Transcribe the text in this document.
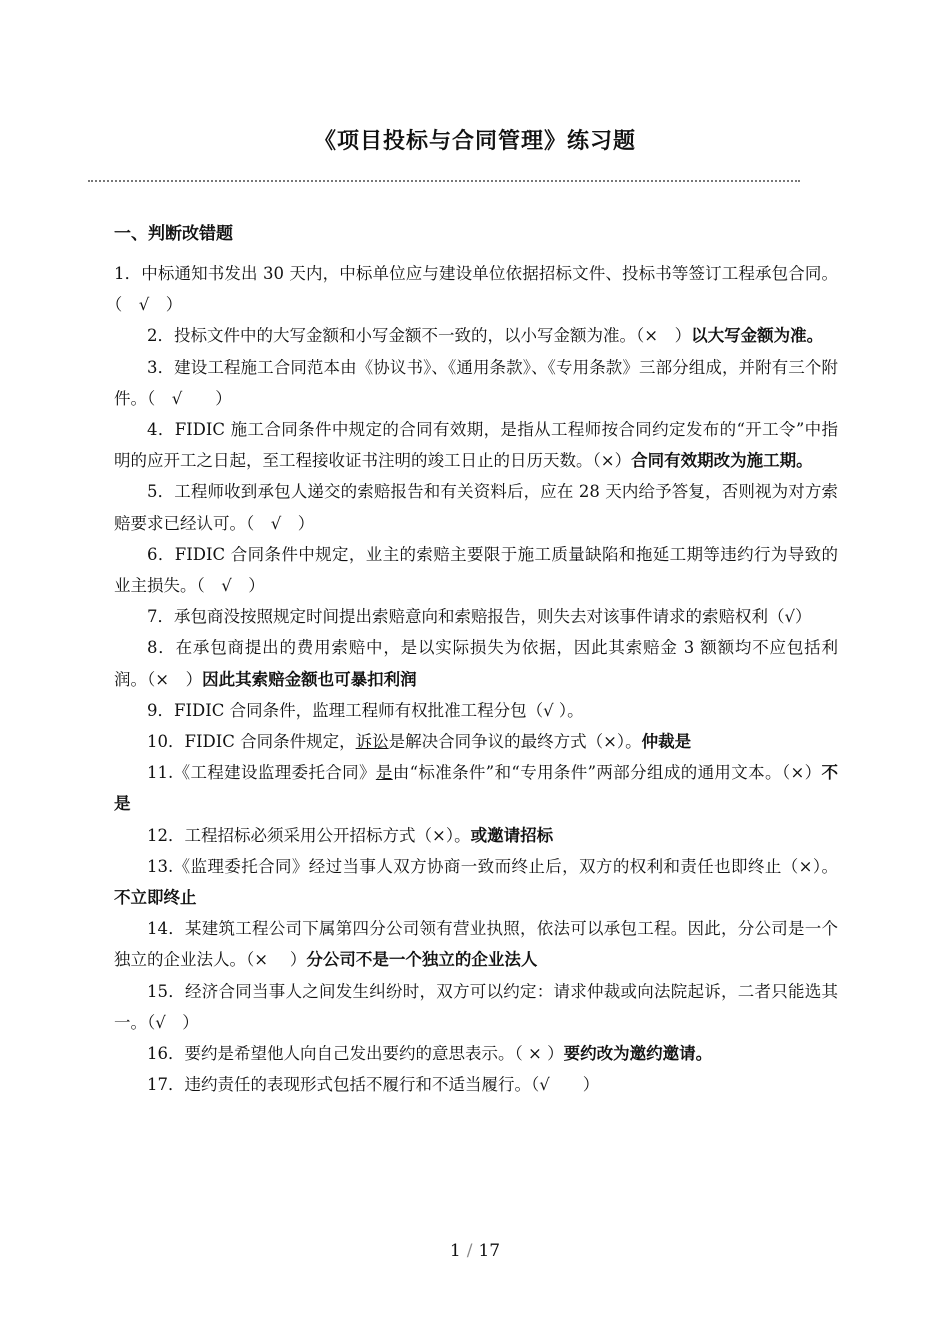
《项目投标与合同管理》练习题
一、判断改错题
1．中标通知书发出 30 天内，中标单位应与建设单位依据招标文件、投标书等签订工程承包合同。（　√　）
2．投标文件中的大写金额和小写金额不一致的，以小写金额为准。（×　）以大写金额为准。
3．建设工程施工合同范本由《协议书》、《通用条款》、《专用条款》三部分组成，并附有三个附件。（　√　　）
4．FIDIC 施工合同条件中规定的合同有效期，是指从工程师按合同约定发布的“开工令”中指明的应开工之日起，至工程接收证书注明的竣工日止的日历天数。（×）合同有效期改为施工期。
5．工程师收到承包人递交的索赔报告和有关资料后，应在 28 天内给予答复，否则视为对方索赔要求已经认可。（　√　）
6．FIDIC 合同条件中规定，业主的索赔主要限于施工质量缺陷和拖延工期等违约行为导致的业主损失。（　√　）
7．承包商没按照规定时间提出索赔意向和索赔报告，则失去对该事件请求的索赔权利（√）
8．在承包商提出的费用索赔中，是以实际损失为依据，因此其索赔金 3 额额均不应包括利润。（×　）因此其索赔金额也可暴扣利润
9．FIDIC 合同条件，监理工程师有权批准工程分包（√ ）。
10．FIDIC 合同条件规定，诉讼是解决合同争议的最终方式（×）。仲裁是
11.《工程建设监理委托合同》是由“标准条件”和“专用条件”两部分组成的通用文本。（×）不是
12．工程招标必须采用公开招标方式（×）。或邀请招标
13.《监理委托合同》经过当事人双方协商一致而终止后，双方的权利和责任也即终止（×）。不立即终止
14．某建筑工程公司下属第四分公司领有营业执照，依法可以承包工程。因此，分公司是一个独立的企业法人。（×　 ）分公司不是一个独立的企业法人
15．经济合同当事人之间发生纠纷时，双方可以约定：请求仲裁或向法院起诉，二者只能选其一。（√　）
16．要约是希望他人向自己发出要约的意思表示。（ × ）要约改为邀约邀请。
17．违约责任的表现形式包括不履行和不适当履行。（√　　）
1 / 17
